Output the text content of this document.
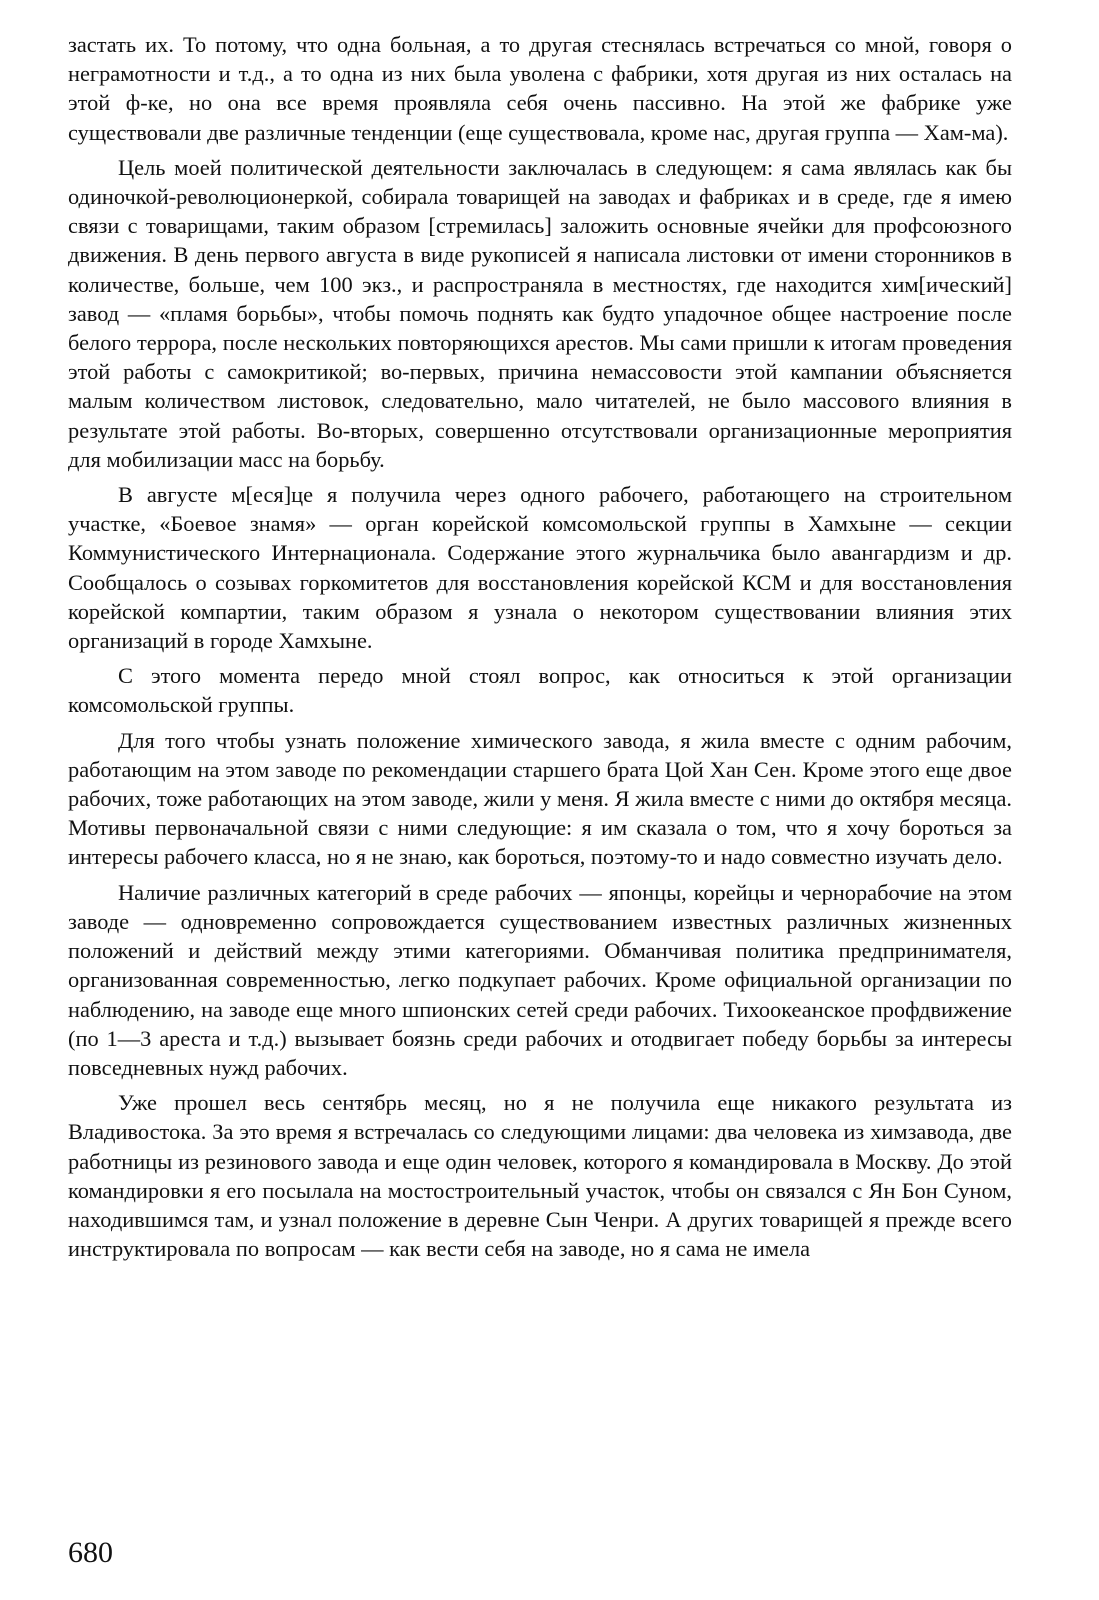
застать их. То потому, что одна больная, а то другая стеснялась встречаться со мной, говоря о неграмотности и т.д., а то одна из них была уволена с фабрики, хотя другая из них осталась на этой ф-ке, но она все время проявляла себя очень пассивно. На этой же фабрике уже существовали две различные тенденции (еще существовала, кроме нас, другая группа — Хам-ма).

Цель моей политической деятельности заключалась в следующем: я сама являлась как бы одиночкой-революционеркой, собирала товарищей на заводах и фабриках и в среде, где я имею связи с товарищами, таким образом [стремилась] заложить основные ячейки для профсоюзного движения. В день первого августа в виде рукописей я написала листовки от имени сторонников в количестве, больше, чем 100 экз., и распространяла в местностях, где находится хим[ический] завод — «пламя борьбы», чтобы помочь поднять как будто упадочное общее настроение после белого террора, после нескольких повторяющихся арестов. Мы сами пришли к итогам проведения этой работы с самокритикой; во-первых, причина немассовости этой кампании объясняется малым количеством листовок, следовательно, мало читателей, не было массового влияния в результате этой работы. Во-вторых, совершенно отсутствовали организационные мероприятия для мобилизации масс на борьбу.

В августе м[еся]це я получила через одного рабочего, работающего на строительном участке, «Боевое знамя» — орган корейской комсомольской группы в Хамхыне — секции Коммунистического Интернационала. Содержание этого журнальчика было авангардизм и др. Сообщалось о созывах горкомитетов для восстановления корейской КСМ и для восстановления корейской компартии, таким образом я узнала о некотором существовании влияния этих организаций в городе Хамхыне.

С этого момента передо мной стоял вопрос, как относиться к этой организации комсомольской группы.

Для того чтобы узнать положение химического завода, я жила вместе с одним рабочим, работающим на этом заводе по рекомендации старшего брата Цой Хан Сен. Кроме этого еще двое рабочих, тоже работающих на этом заводе, жили у меня. Я жила вместе с ними до октября месяца. Мотивы первоначальной связи с ними следующие: я им сказала о том, что я хочу бороться за интересы рабочего класса, но я не знаю, как бороться, поэтому-то и надо совместно изучать дело.

Наличие различных категорий в среде рабочих — японцы, корейцы и чернорабочие на этом заводе — одновременно сопровождается существованием известных различных жизненных положений и действий между этими категориями. Обманчивая политика предпринимателя, организованная современностью, легко подкупает рабочих. Кроме официальной организации по наблюдению, на заводе еще много шпионских сетей среди рабочих. Тихоокеанское профдвижение (по 1—3 ареста и т.д.) вызывает боязнь среди рабочих и отодвигает победу борьбы за интересы повседневных нужд рабочих.

Уже прошел весь сентябрь месяц, но я не получила еще никакого результата из Владивостока. За это время я встречалась со следующими лицами: два человека из химзавода, две работницы из резинового завода и еще один человек, которого я командировала в Москву. До этой командировки я его посылала на мостостроительный участок, чтобы он связался с Ян Бон Суном, находившимся там, и узнал положение в деревне Сын Ченри. А других товарищей я прежде всего инструктировала по вопросам — как вести себя на заводе, но я сама не имела

680
